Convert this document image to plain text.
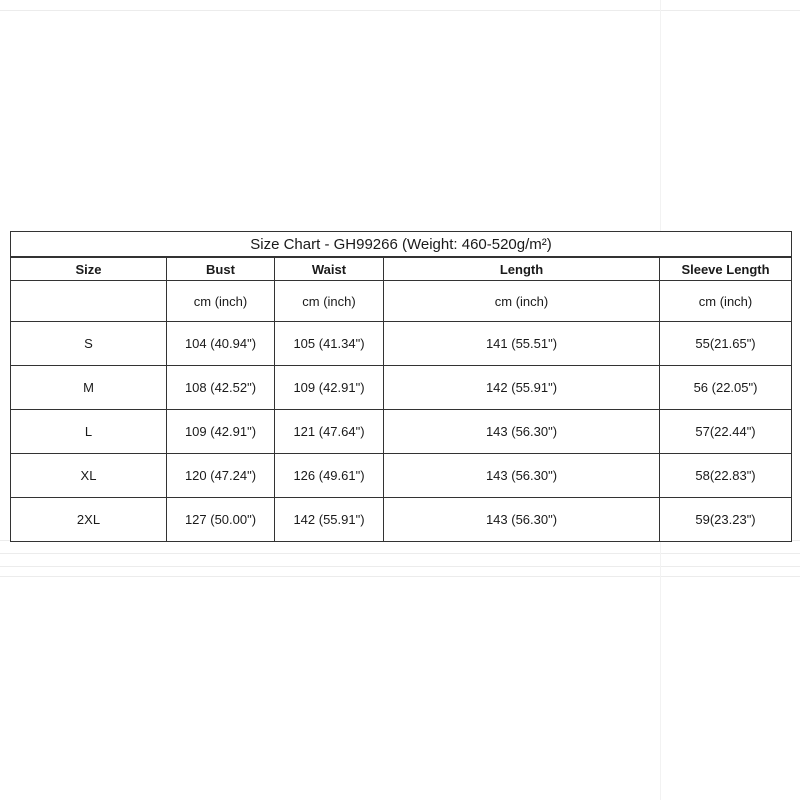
Size Chart - GH99266 (Weight: 460-520g/m²)				
Size	Bust	Waist	Length	Sleeve Length
	cm (inch)	cm (inch)	cm (inch)	cm (inch)
S	104 (40.94")	105 (41.34")	141 (55.51")	55(21.65")
M	108 (42.52")	109 (42.91")	142 (55.91")	56 (22.05")
L	109 (42.91")	121 (47.64")	143 (56.30")	57(22.44")
XL	120 (47.24")	126 (49.61")	143 (56.30")	58(22.83")
2XL	127 (50.00")	142 (55.91")	143 (56.30")	59(23.23")
